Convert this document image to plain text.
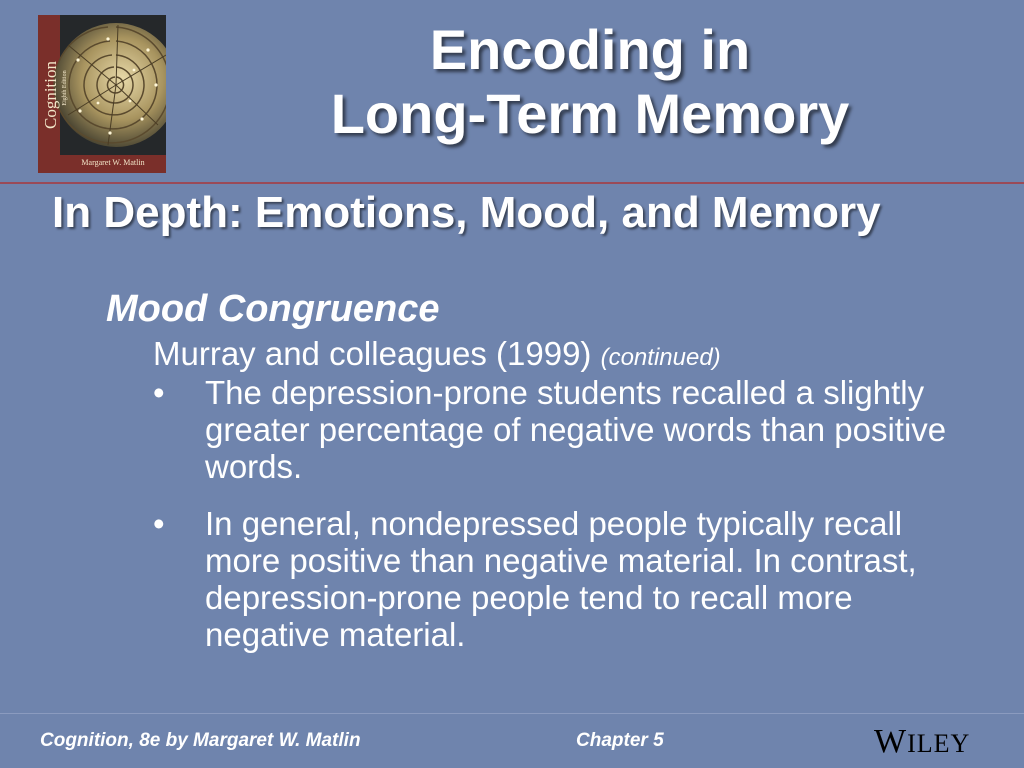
Cognition Eighth Edition
Margaret W. Matlin
Encoding in
Long-Term Memory
In Depth: Emotions, Mood, and Memory
Mood Congruence
Murray and colleagues (1999) (continued)
•	The depression-prone students recalled a slightly greater percentage of negative words than positive words.
•	In general, nondepressed people typically recall more positive than negative material. In contrast, depression-prone people tend to recall more negative material.
Cognition, 8e by Margaret W. Matlin	Chapter 5	WILEY
